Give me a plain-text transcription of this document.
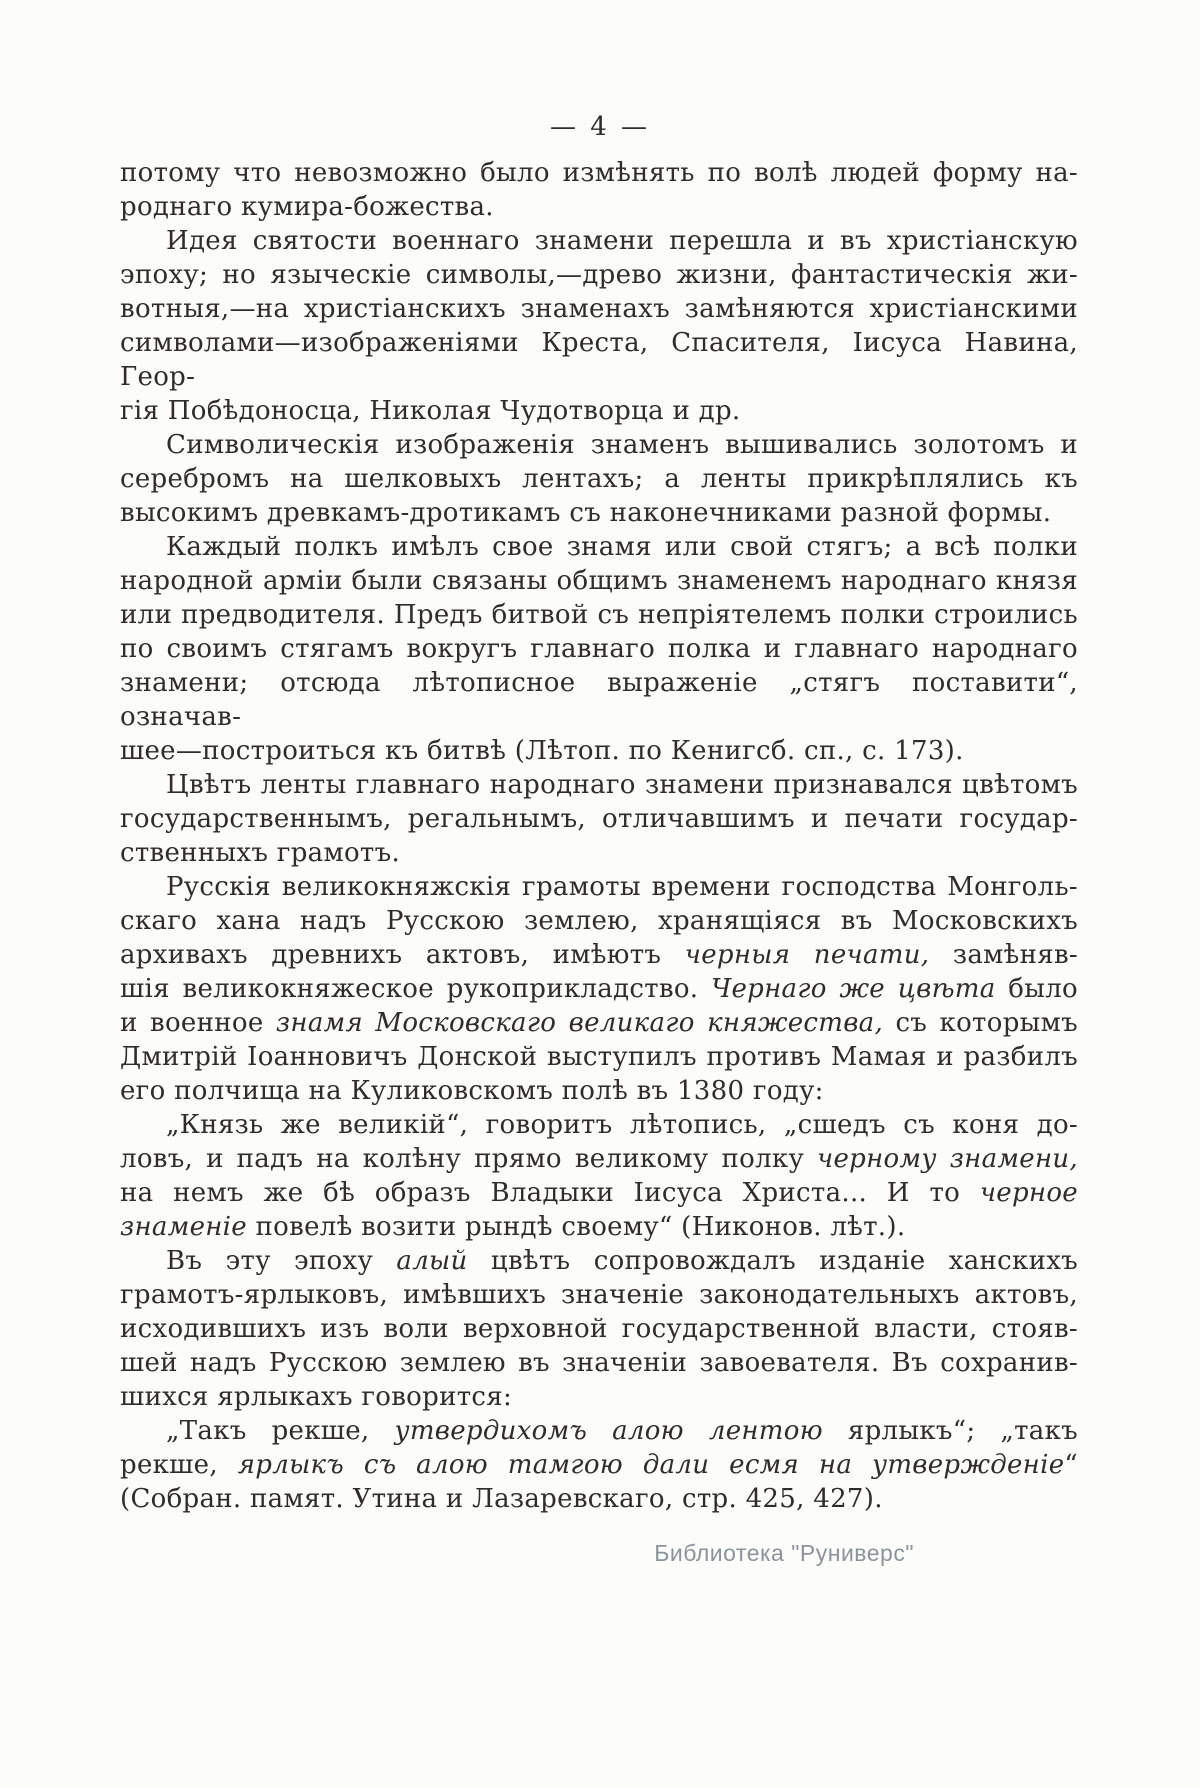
— 4 —

потому что невозможно было измѣнять по волѣ людей форму на-
роднаго кумира-божества.

Идея святости военнаго знамени перешла и въ христіанскую
эпоху; но языческіе символы,—древо жизни, фантастическія жи-
вотныя,—на христіанскихъ знаменахъ замѣняются христіанскими
символами—изображеніями Креста, Спасителя, Іисуса Навина, Геор-
гія Побѣдоносца, Николая Чудотворца и др.

Символическія изображенія знаменъ вышивались золотомъ и
серебромъ на шелковыхъ лентахъ; а ленты прикрѣплялись къ
высокимъ древкамъ-дротикамъ съ наконечниками разной формы.

Каждый полкъ имѣлъ свое знамя или свой стягъ; а всѣ полки
народной арміи были связаны общимъ знаменемъ народнаго князя
или предводителя. Предъ битвой съ непріятелемъ полки строились
по своимъ стягамъ вокругъ главнаго полка и главнаго народнаго
знамени; отсюда лѣтописное выраженіе „стягъ поставити“, означав-
шее—построиться къ битвѣ (Лѣтоп. по Кенигсб. сп., с. 173).

Цвѣтъ ленты главнаго народнаго знамени признавался цвѣтомъ
государственнымъ, регальнымъ, отличавшимъ и печати государ-
ственныхъ грамотъ.

Русскія великокняжскія грамоты времени господства Монголь-
скаго хана надъ Русскою землею, хранящіяся въ Московскихъ
архивахъ древнихъ актовъ, имѣютъ черныя печати, замѣняв-
шія великокняжеское рукоприкладство. Чернаго же цвѣта было
и военное знамя Московскаго великаго княжества, съ которымъ
Дмитрій Іоанновичъ Донской выступилъ противъ Мамая и разбилъ
его полчища на Куликовскомъ полѣ въ 1380 году:

„Князь же великій“, говоритъ лѣтопись, „сшедъ съ коня до-
ловъ, и падъ на колѣну прямо великому полку черному знамени,
на немъ же бѣ образъ Владыки Іисуса Христа... И то черное
знаменіе повелѣ возити рындѣ своему“ (Никонов. лѣт.).

Въ эту эпоху алый цвѣтъ сопровождалъ изданіе ханскихъ
грамотъ-ярлыковъ, имѣвшихъ значеніе законодательныхъ актовъ,
исходившихъ изъ воли верховной государственной власти, стояв-
шей надъ Русскою землею въ значеніи завоевателя. Въ сохранив-
шихся ярлыкахъ говорится:

„Такъ рекше, утвердихомъ алою лентою ярлыкъ“; „такъ
рекше, ярлыкъ съ алою тамгою дали есмя на утвержденіе“
(Собран. памят. Утина и Лазаревскаго, стр. 425, 427).

Библиотека "Руниверс"
